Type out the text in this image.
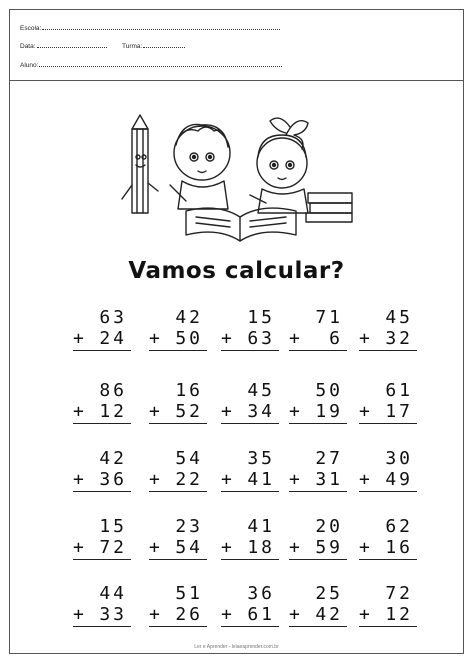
Escola:
Data:	Turma:
Aluno:
Vamos calcular?
63
+ 24
42
+ 50
15
+ 63
71
+ 6
45
+ 32
86
+ 12
16
+ 52
45
+ 34
50
+ 19
61
+ 17
42
+ 36
54
+ 22
35
+ 41
27
+ 31
30
+ 49
15
+ 72
23
+ 54
41
+ 18
20
+ 59
62
+ 16
44
+ 33
51
+ 26
36
+ 61
25
+ 42
72
+ 12
Ler e Aprender - leiaeaprender.com.br
